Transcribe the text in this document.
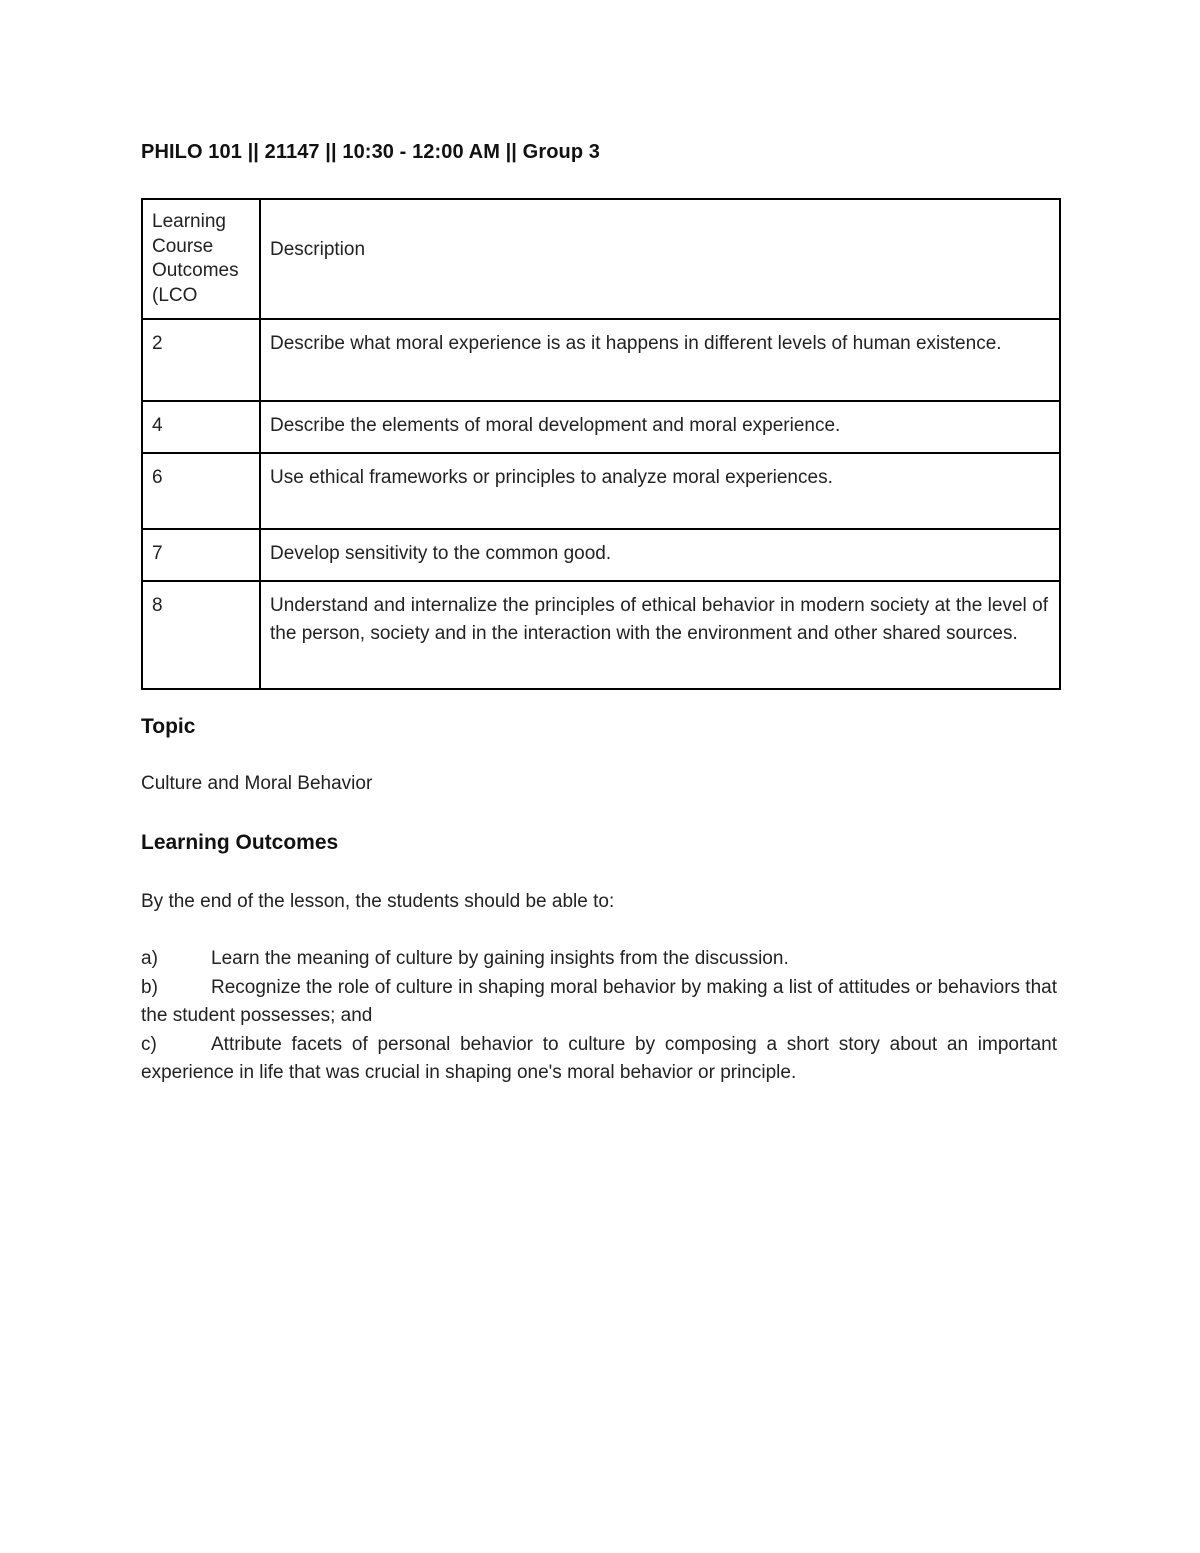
PHILO 101 || 21147 || 10:30 - 12:00 AM || Group 3
Learning Course Outcomes (LCO	Description
2	Describe what moral experience is as it happens in different levels of human existence.
4	Describe the elements of moral development and moral experience.
6	Use ethical frameworks or principles to analyze moral experiences.
7	Develop sensitivity to the common good.
8	Understand and internalize the principles of ethical behavior in modern society at the level of the person, society and in the interaction with the environment and other shared sources.
Topic
Culture and Moral Behavior
Learning Outcomes
By the end of the lesson, the students should be able to:
a)	Learn the meaning of culture by gaining insights from the discussion.
b)	Recognize the role of culture in shaping moral behavior by making a list of attitudes or behaviors that the student possesses; and
c)	Attribute facets of personal behavior to culture by composing a short story about an important experience in life that was crucial in shaping one's moral behavior or principle.
